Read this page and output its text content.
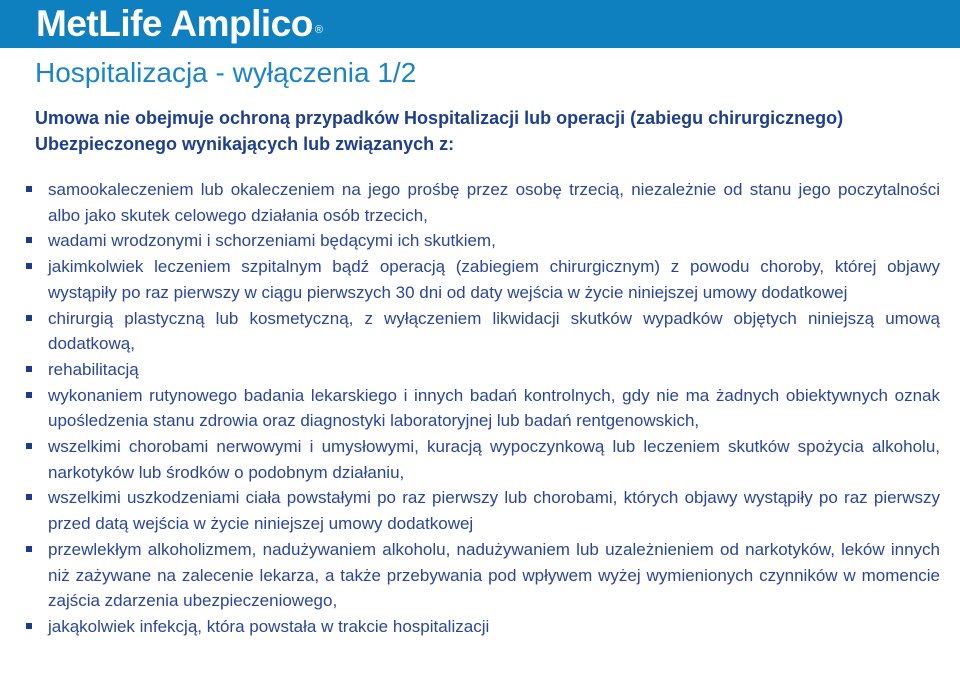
MetLife Amplico ®
Hospitalizacja - wyłączenia 1/2

Umowa nie obejmuje ochroną przypadków Hospitalizacji lub operacji (zabiegu chirurgicznego) Ubezpieczonego wynikających lub związanych z:

samookaleczeniem lub okaleczeniem na jego prośbę przez osobę trzecią, niezależnie od stanu jego poczytalności albo jako skutek celowego działania osób trzecich,
wadami wrodzonymi i schorzeniami będącymi ich skutkiem,
jakimkolwiek leczeniem szpitalnym bądź operacją (zabiegiem chirurgicznym) z powodu choroby, której objawy wystąpiły po raz pierwszy w ciągu pierwszych 30 dni od daty wejścia w życie niniejszej umowy dodatkowej
chirurgią plastyczną lub kosmetyczną, z wyłączeniem likwidacji skutków wypadków objętych niniejszą umową dodatkową,
rehabilitacją
wykonaniem rutynowego badania lekarskiego i innych badań kontrolnych, gdy nie ma żadnych obiektywnych oznak upośledzenia stanu zdrowia oraz diagnostyki laboratoryjnej lub badań rentgenowskich,
wszelkimi chorobami nerwowymi i umysłowymi, kuracją wypoczynkową lub leczeniem skutków spożycia alkoholu, narkotyków lub środków o podobnym działaniu,
wszelkimi uszkodzeniami ciała powstałymi po raz pierwszy lub chorobami, których objawy wystąpiły po raz pierwszy przed datą wejścia w życie niniejszej umowy dodatkowej
przewlekłym alkoholizmem, nadużywaniem alkoholu, nadużywaniem lub uzależnieniem od narkotyków, leków innych niż zażywane na zalecenie lekarza, a także przebywania pod wpływem wyżej wymienionych czynników w momencie zajścia zdarzenia ubezpieczeniowego,
jakąkolwiek infekcją, która powstała w trakcie hospitalizacji
